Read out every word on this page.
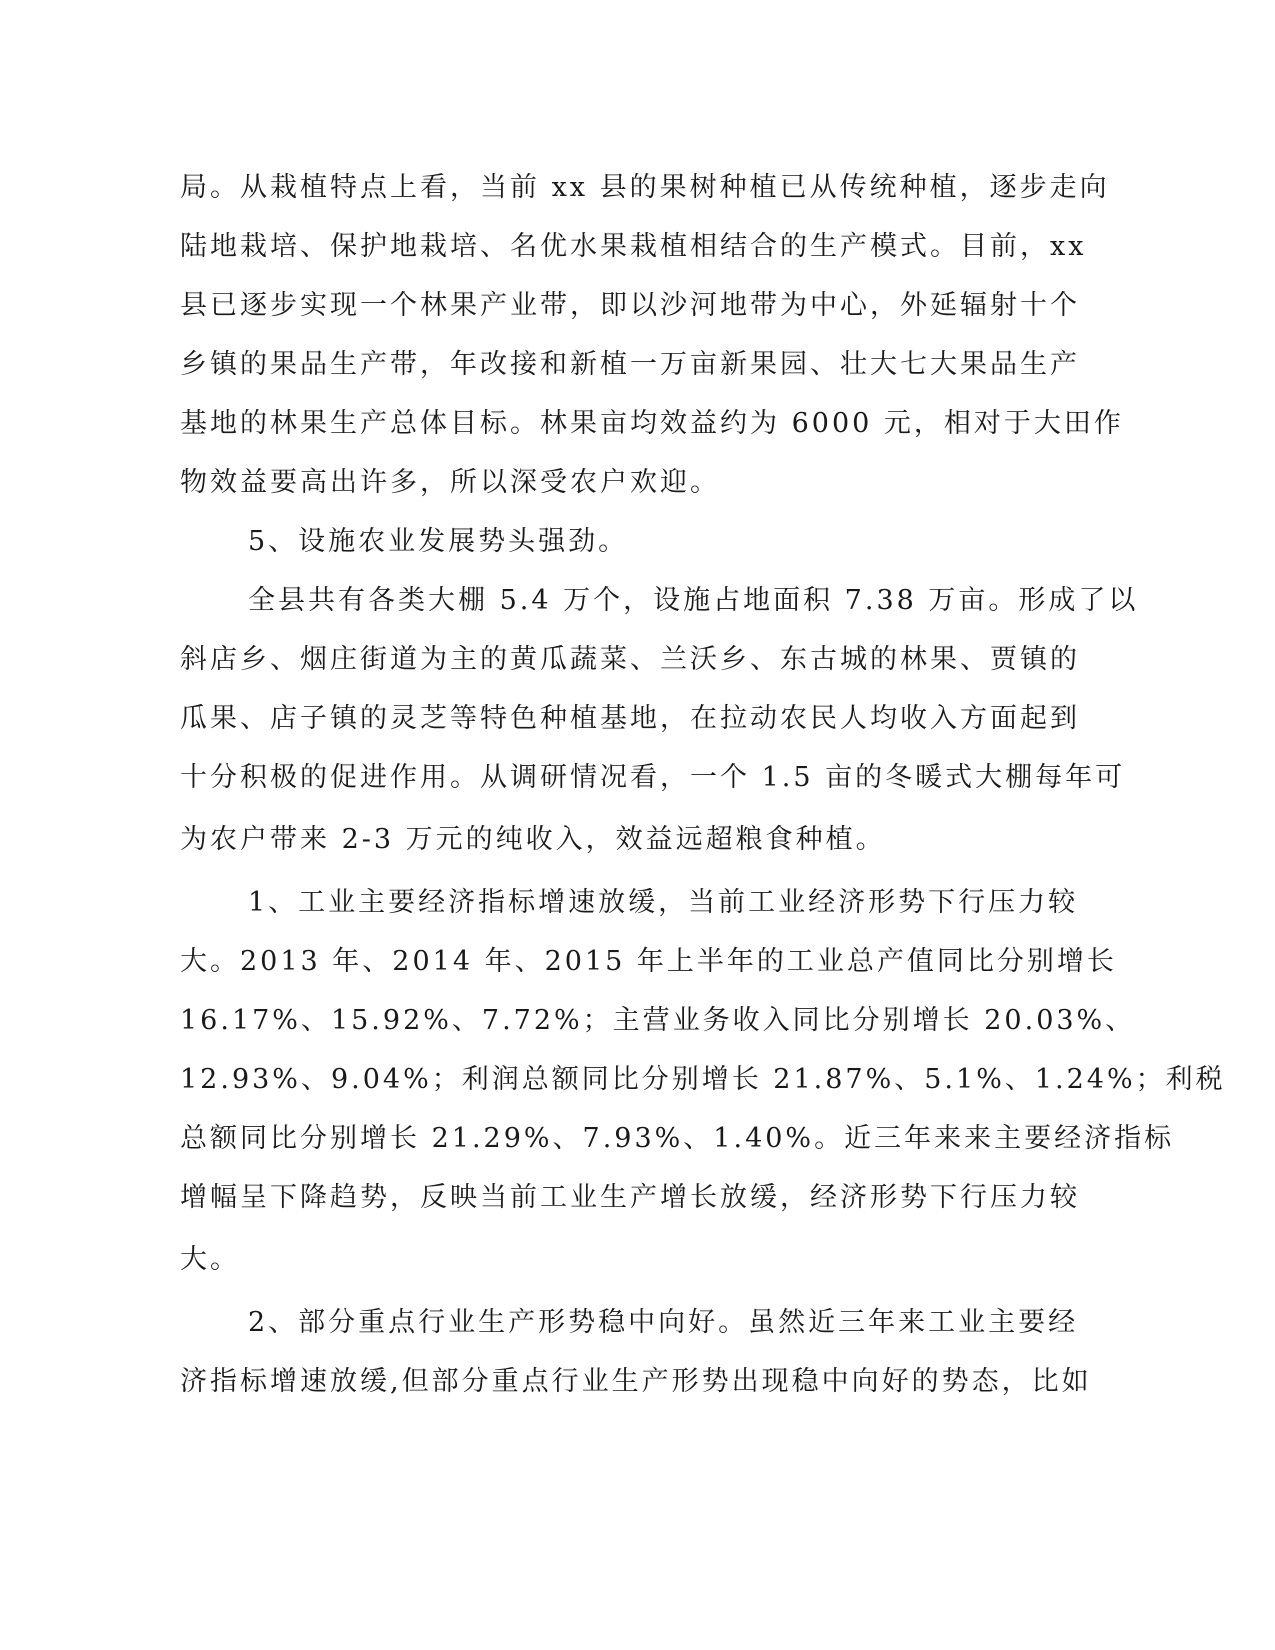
局。从栽植特点上看，当前 xx 县的果树种植已从传统种植，逐步走向
陆地栽培、保护地栽培、名优水果栽植相结合的生产模式。目前，xx
县已逐步实现一个林果产业带，即以沙河地带为中心，外延辐射十个
乡镇的果品生产带，年改接和新植一万亩新果园、壮大七大果品生产
基地的林果生产总体目标。林果亩均效益约为 6000 元，相对于大田作
物效益要高出许多，所以深受农户欢迎。
5、设施农业发展势头强劲。
全县共有各类大棚 5.4 万个，设施占地面积 7.38 万亩。形成了以
斜店乡、烟庄街道为主的黄瓜蔬菜、兰沃乡、东古城的林果、贾镇的
瓜果、店子镇的灵芝等特色种植基地，在拉动农民人均收入方面起到
十分积极的促进作用。从调研情况看，一个 1.5 亩的冬暖式大棚每年可
为农户带来 2-3 万元的纯收入，效益远超粮食种植。
1、工业主要经济指标增速放缓，当前工业经济形势下行压力较
大。2013 年、2014 年、2015 年上半年的工业总产值同比分别增长
16.17%、15.92%、7.72%；主营业务收入同比分别增长 20.03%、
12.93%、9.04%；利润总额同比分别增长 21.87%、5.1%、1.24%；利税
总额同比分别增长 21.29%、7.93%、1.40%。近三年来来主要经济指标
增幅呈下降趋势，反映当前工业生产增长放缓，经济形势下行压力较
大。
2、部分重点行业生产形势稳中向好。虽然近三年来工业主要经
济指标增速放缓,但部分重点行业生产形势出现稳中向好的势态，比如
